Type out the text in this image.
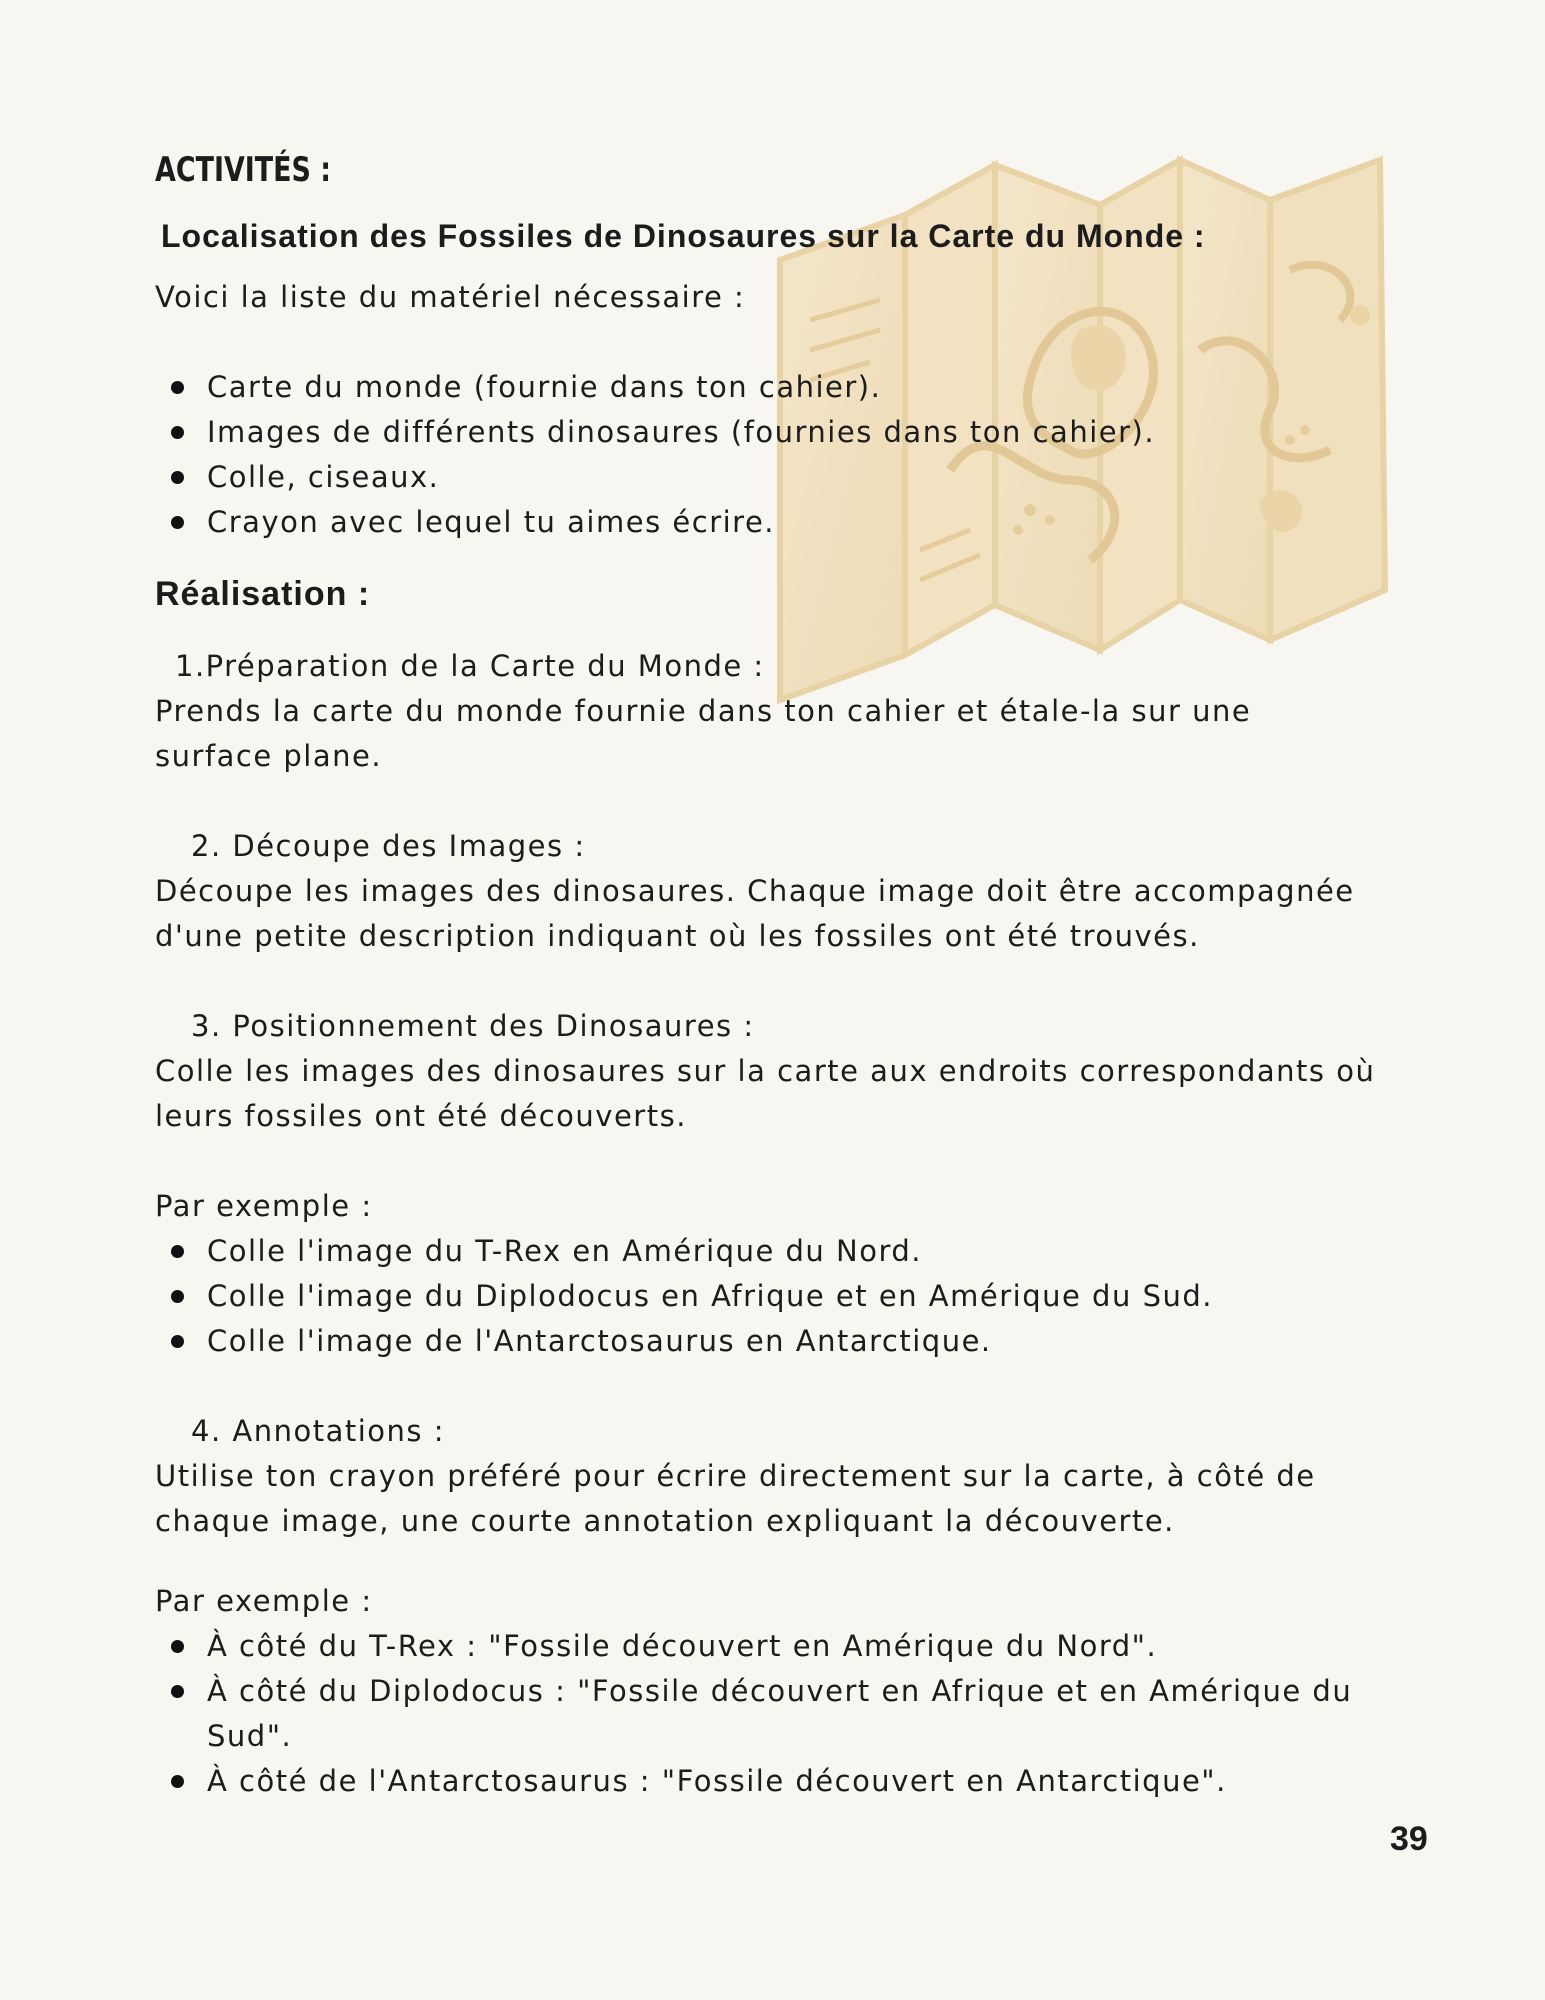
ACTIVITÉS :
Localisation des Fossiles de Dinosaures sur la Carte du Monde :

Voici la liste du matériel nécessaire :

Carte du monde (fournie dans ton cahier).
Images de différents dinosaures (fournies dans ton cahier).
Colle, ciseaux.
Crayon avec lequel tu aimes écrire.
Réalisation :

1.Préparation de la Carte du Monde :

Prends la carte du monde fournie dans ton cahier et étale-la sur une

surface plane.

2. Découpe des Images :

Découpe les images des dinosaures. Chaque image doit être accompagnée

d'une petite description indiquant où les fossiles ont été trouvés.

3. Positionnement des Dinosaures :

Colle les images des dinosaures sur la carte aux endroits correspondants où

leurs fossiles ont été découverts.

Par exemple :

Colle l'image du T-Rex en Amérique du Nord.
Colle l'image du Diplodocus en Afrique et en Amérique du Sud.
Colle l'image de l'Antarctosaurus en Antarctique.

4. Annotations :

Utilise ton crayon préféré pour écrire directement sur la carte, à côté de

chaque image, une courte annotation expliquant la découverte.

Par exemple :

À côté du T-Rex : "Fossile découvert en Amérique du Nord".
À côté du Diplodocus : "Fossile découvert en Afrique et en Amérique du
Sud".
À côté de l'Antarctosaurus : "Fossile découvert en Antarctique".
39
